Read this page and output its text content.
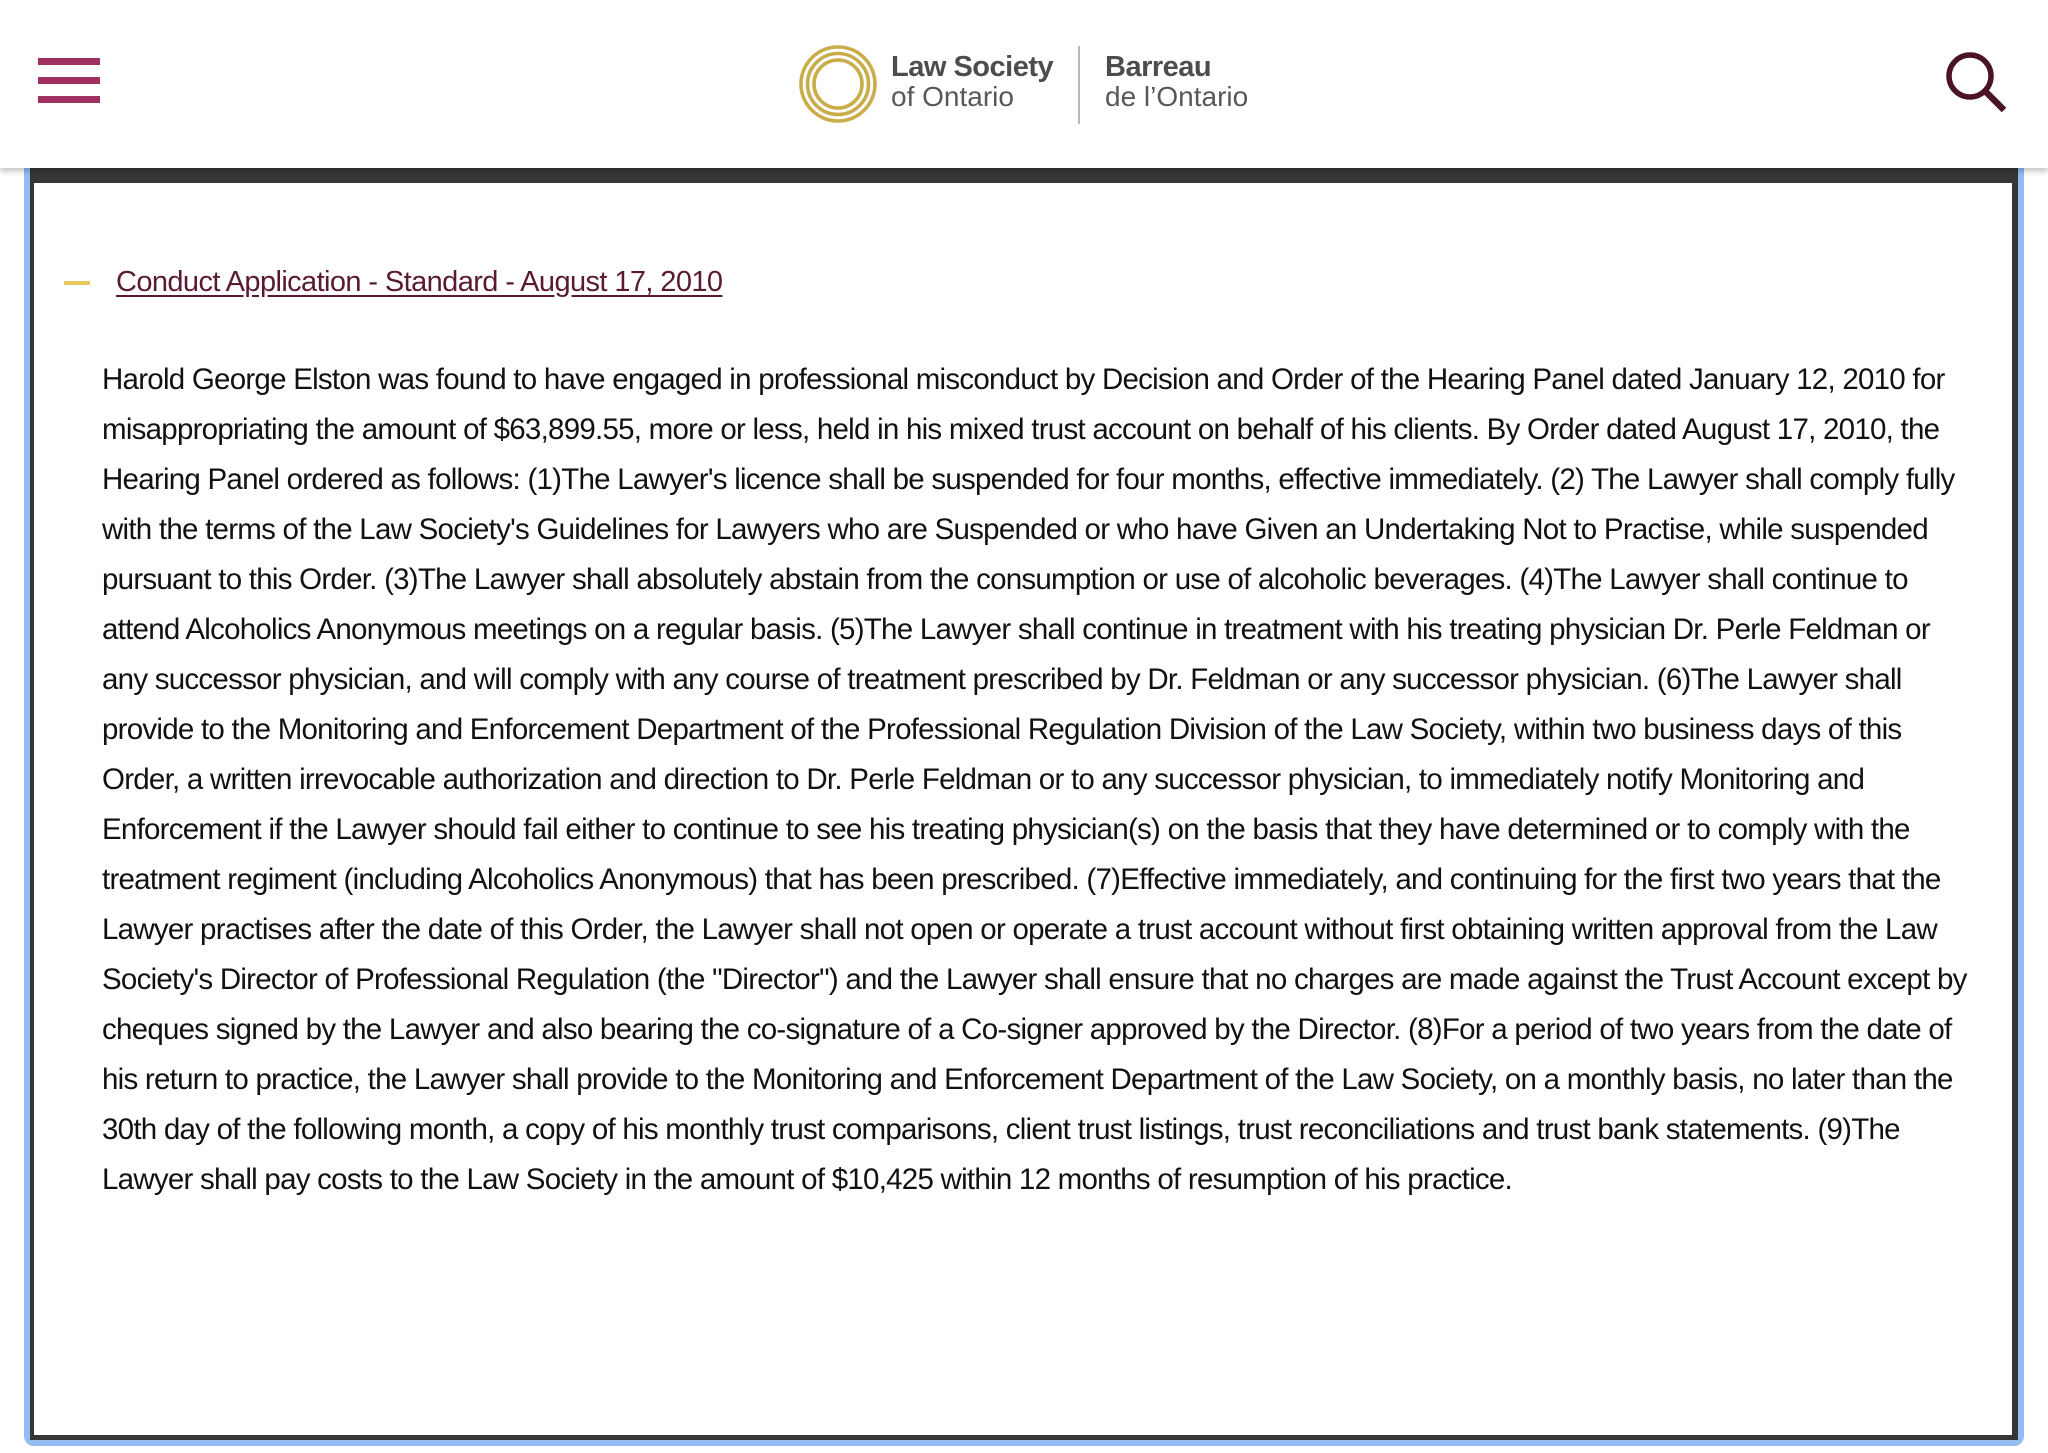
Law Society
of Ontario
Barreau
de l’Ontario
Conduct Application - Standard - August 17, 2010

Harold George Elston was found to have engaged in professional misconduct by Decision and Order of the Hearing Panel dated January 12, 2010 for misappropriating the amount of $63,899.55, more or less, held in his mixed trust account on behalf of his clients. By Order dated August 17, 2010, the Hearing Panel ordered as follows: (1)The Lawyer's licence shall be suspended for four months, effective immediately. (2) The Lawyer shall comply fully with the terms of the Law Society's Guidelines for Lawyers who are Suspended or who have Given an Undertaking Not to Practise, while suspended pursuant to this Order. (3)The Lawyer shall absolutely abstain from the consumption or use of alcoholic beverages. (4)The Lawyer shall continue to attend Alcoholics Anonymous meetings on a regular basis. (5)The Lawyer shall continue in treatment with his treating physician Dr. Perle Feldman or any successor physician, and will comply with any course of treatment prescribed by Dr. Feldman or any successor physician. (6)The Lawyer shall provide to the Monitoring and Enforcement Department of the Professional Regulation Division of the Law Society, within two business days of this Order, a written irrevocable authorization and direction to Dr. Perle Feldman or to any successor physician, to immediately notify Monitoring and Enforcement if the Lawyer should fail either to continue to see his treating physician(s) on the basis that they have determined or to comply with the treatment regiment (including Alcoholics Anonymous) that has been prescribed. (7)Effective immediately, and continuing for the first two years that the Lawyer practises after the date of this Order, the Lawyer shall not open or operate a trust account without first obtaining written approval from the Law Society's Director of Professional Regulation (the "Director") and the Lawyer shall ensure that no charges are made against the Trust Account except by cheques signed by the Lawyer and also bearing the co-signature of a Co-signer approved by the Director. (8)For a period of two years from the date of his return to practice, the Lawyer shall provide to the Monitoring and Enforcement Department of the Law Society, on a monthly basis, no later than the 30th day of the following month, a copy of his monthly trust comparisons, client trust listings, trust reconciliations and trust bank statements. (9)The Lawyer shall pay costs to the Law Society in the amount of $10,425 within 12 months of resumption of his practice.
